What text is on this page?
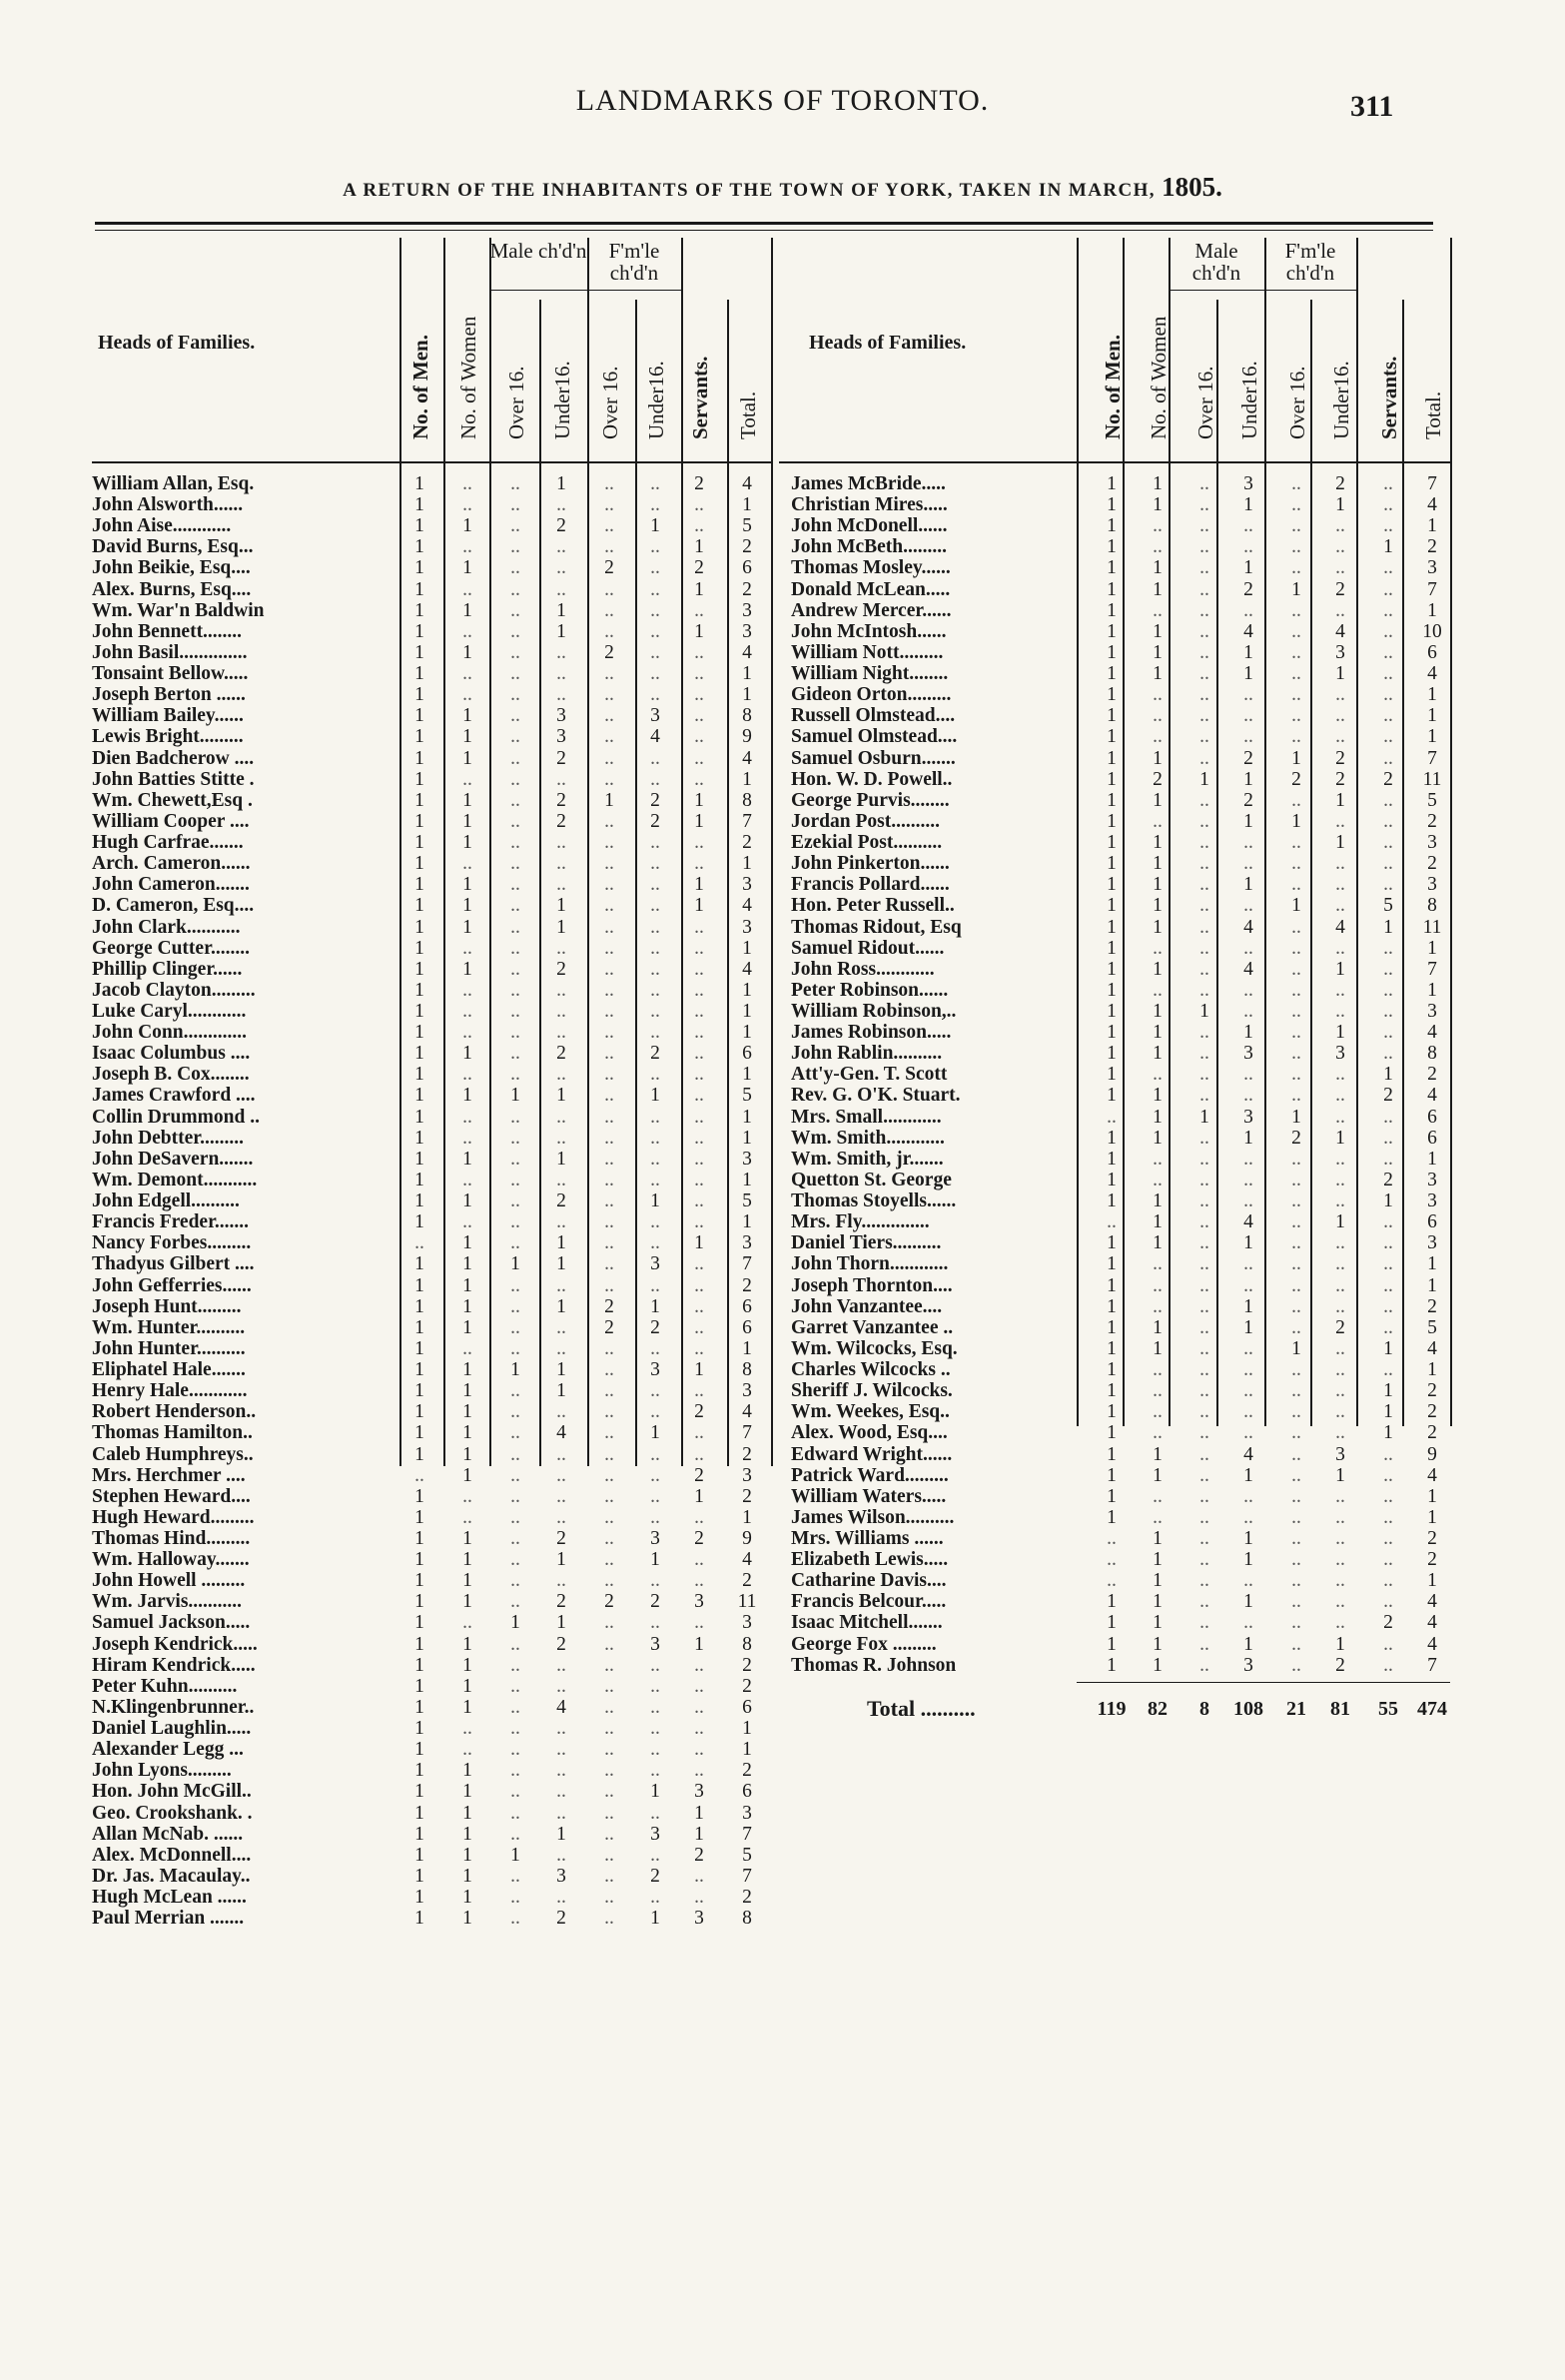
LANDMARKS OF TORONTO.	311
A RETURN OF THE INHABITANTS OF THE TOWN OF YORK, TAKEN IN MARCH, 1805.
Heads of Families.
Male ch'd'n	F'm'le ch'd'n
No. of Men. No. of Women Over 16. Under16. Over 16. Under16. Servants. Total.
William Allan, Esq.	1	..	..	1	..	..	2	4
John Alsworth......	1	..	..	..	..	..	..	1
John Aise............	1	1	..	2	..	1	..	5
David Burns, Esq...	1	..	..	..	..	..	1	2
John Beikie, Esq....	1	1	..	..	2	..	2	6
Alex. Burns, Esq....	1	..	..	..	..	..	1	2
Wm. War'n Baldwin	1	1	..	1	..	..	..	3
John Bennett........	1	..	..	1	..	..	1	3
John Basil..............	1	1	..	..	2	..	..	4
Tonsaint Bellow.....	1	..	..	..	..	..	..	1
Joseph Berton ......	1	..	..	..	..	..	..	1
William Bailey......	1	1	..	3	..	3	..	8
Lewis Bright.........	1	1	..	3	..	4	..	9
Dien Badcherow ....	1	1	..	2	..	..	..	4
John Batties Stitte .	1	..	..	..	..	..	..	1
Wm. Chewett,Esq .	1	1	..	2	1	2	1	8
William Cooper ....	1	1	..	2	..	2	1	7
Hugh Carfrae.......	1	1	..	..	..	..	..	2
Arch. Cameron......	1	..	..	..	..	..	..	1
John Cameron.......	1	1	..	..	..	..	1	3
D. Cameron, Esq....	1	1	..	1	..	..	1	4
John Clark...........	1	1	..	1	..	..	..	3
George Cutter........	1	..	..	..	..	..	..	1
Phillip Clinger......	1	1	..	2	..	..	..	4
Jacob Clayton.........	1	..	..	..	..	..	..	1
Luke Caryl............	1	..	..	..	..	..	..	1
John Conn.............	1	..	..	..	..	..	..	1
Isaac Columbus ....	1	1	..	2	..	2	..	6
Joseph B. Cox........	1	..	..	..	..	..	..	1
James Crawford ....	1	1	1	1	..	1	..	5
Collin Drummond ..	1	..	..	..	..	..	..	1
John Debtter.........	1	..	..	..	..	..	..	1
John DeSavern.......	1	1	..	1	..	..	..	3
Wm. Demont...........	1	..	..	..	..	..	..	1
John Edgell..........	1	1	..	2	..	1	..	5
Francis Freder.......	1	..	..	..	..	..	..	1
Nancy Forbes.........	..	1	..	1	..	..	1	3
Thadyus Gilbert ....	1	1	1	1	..	3	..	7
John Gefferries......	1	1	..	..	..	..	..	2
Joseph Hunt.........	1	1	..	1	2	1	..	6
Wm. Hunter..........	1	1	..	..	2	2	..	6
John Hunter..........	1	..	..	..	..	..	..	1
Eliphatel Hale.......	1	1	1	1	..	3	1	8
Henry Hale............	1	1	..	1	..	..	..	3
Robert Henderson..	1	1	..	..	..	..	2	4
Thomas Hamilton..	1	1	..	4	..	1	..	7
Caleb Humphreys..	1	1	..	..	..	..	..	2
Mrs. Herchmer ....	..	1	..	..	..	..	2	3
Stephen Heward....	1	..	..	..	..	..	1	2
Hugh Heward.........	1	..	..	..	..	..	..	1
Thomas Hind.........	1	1	..	2	..	3	2	9
Wm. Halloway.......	1	1	..	1	..	1	..	4
John Howell .........	1	1	..	..	..	..	..	2
Wm. Jarvis...........	1	1	..	2	2	2	3	11
Samuel Jackson.....	1	..	1	1	..	..	..	3
Joseph Kendrick.....	1	1	..	2	..	3	1	8
Hiram Kendrick.....	1	1	..	..	..	..	..	2
Peter Kuhn..........	1	1	..	..	..	..	..	2
N.Klingenbrunner..	1	1	..	4	..	..	..	6
Daniel Laughlin.....	1	..	..	..	..	..	..	1
Alexander Legg ...	1	..	..	..	..	..	..	1
John Lyons.........	1	1	..	..	..	..	..	2
Hon. John McGill..	1	1	..	..	..	1	3	6
Geo. Crookshank. .	1	1	..	..	..	..	1	3
Allan McNab. ......	1	1	..	1	..	3	1	7
Alex. McDonnell....	1	1	1	..	..	..	2	5
Dr. Jas. Macaulay..	1	1	..	3	..	2	..	7
Hugh McLean ......	1	1	..	..	..	..	..	2
Paul Merrian .......	1	1	..	2	..	1	3	8
Heads of Families.
Male ch'd'n
F'm'le ch'd'n
No. of Men. No. of Women Over 16. Under16. Over 16. Under16. Servants. Total.
James McBride.....	1	1	..	3	..	2	..	7
Christian Mires.....	1	1	..	1	..	1	..	4
John McDonell......	1	..	..	..	..	..	..	1
John McBeth.........	1	..	..	..	..	..	1	2
Thomas Mosley......	1	1	..	1	..	..	..	3
Donald McLean.....	1	1	..	2	1	2	..	7
Andrew Mercer......	1	..	..	..	..	..	..	1
John McIntosh......	1	1	..	4	..	4	..	10
William Nott.........	1	1	..	1	..	3	..	6
William Night........	1	1	..	1	..	1	..	4
Gideon Orton.........	1	..	..	..	..	..	..	1
Russell Olmstead....	1	..	..	..	..	..	..	1
Samuel Olmstead....	1	..	..	..	..	..	..	1
Samuel Osburn.......	1	1	..	2	1	2	..	7
Hon. W. D. Powell..	1	2	1	1	2	2	2	11
George Purvis........	1	1	..	2	..	1	..	5
Jordan Post..........	1	..	..	1	1	..	..	2
Ezekial Post..........	1	1	..	..	..	1	..	3
John Pinkerton......	1	1	..	..	..	..	..	2
Francis Pollard......	1	1	..	1	..	..	..	3
Hon. Peter Russell..	1	1	..	..	1	..	5	8
Thomas Ridout, Esq	1	1	..	4	..	4	1	11
Samuel Ridout......	1	..	..	..	..	..	..	1
John Ross............	1	1	..	4	..	1	..	7
Peter Robinson......	1	..	..	..	..	..	..	1
William Robinson,..	1	1	1	..	..	..	..	3
James Robinson.....	1	1	..	1	..	1	..	4
John Rablin..........	1	1	..	3	..	3	..	8
Att'y-Gen. T. Scott	1	..	..	..	..	..	1	2
Rev. G. O'K. Stuart.	1	1	..	..	..	..	2	4
Mrs. Small............	..	1	1	3	1	..	..	6
Wm. Smith............	1	1	..	1	2	1	..	6
Wm. Smith, jr.......	1	..	..	..	..	..	..	1
Quetton St. George	1	..	..	..	..	..	2	3
Thomas Stoyells......	1	1	..	..	..	..	1	3
Mrs. Fly..............	..	1	..	4	..	1	..	6
Daniel Tiers..........	1	1	..	1	..	..	..	3
John Thorn............	1	..	..	..	..	..	..	1
Joseph Thornton....	1	..	..	..	..	..	..	1
John Vanzantee....	1	..	..	1	..	..	..	2
Garret Vanzantee ..	1	1	..	1	..	2	..	5
Wm. Wilcocks, Esq.	1	1	..	..	1	..	1	4
Charles Wilcocks ..	1	..	..	..	..	..	..	1
Sheriff J. Wilcocks.	1	..	..	..	..	..	1	2
Wm. Weekes, Esq..	1	..	..	..	..	..	1	2
Alex. Wood, Esq....	1	..	..	..	..	..	1	2
Edward Wright......	1	1	..	4	..	3	..	9
Patrick Ward.........	1	1	..	1	..	1	..	4
William Waters.....	1	..	..	..	..	..	..	1
James Wilson..........	1	..	..	..	..	..	..	1
Mrs. Williams ......	..	1	..	1	..	..	..	2
Elizabeth Lewis.....	..	1	..	1	..	..	..	2
Catharine Davis....	..	1	..	..	..	..	..	1
Francis Belcour.....	1	1	..	1	..	..	..	4
Isaac Mitchell.......	1	1	..	..	..	..	2	4
George Fox .........	1	1	..	1	..	1	..	4
Thomas R. Johnson	1	1	..	3	..	2	..	7
Total ..........	119	82	8	108	21	81	55 474
